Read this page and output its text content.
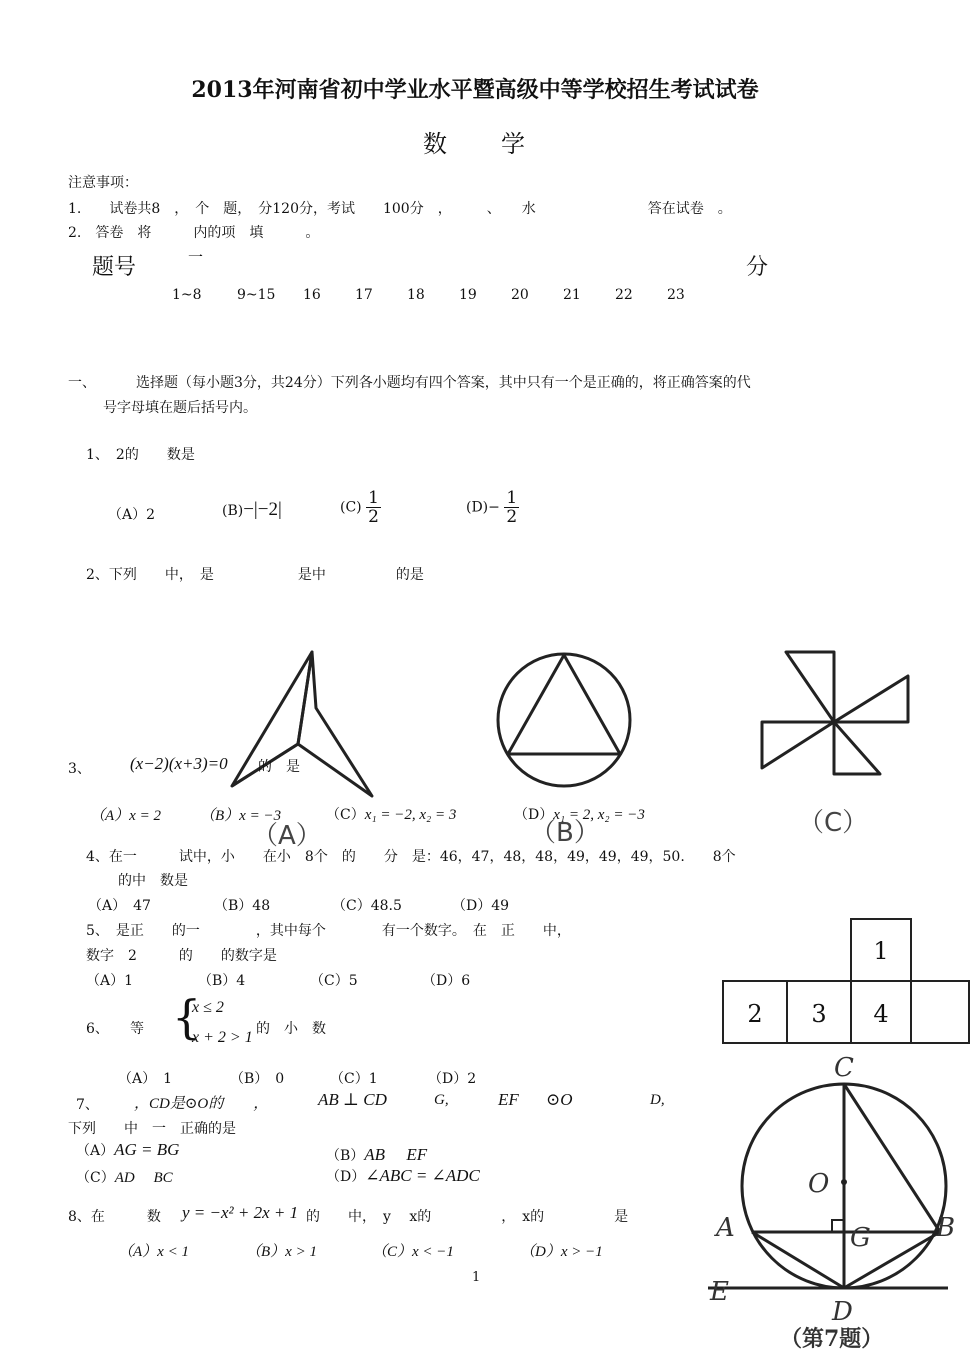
2013年河南省初中学业水平暨高级中等学校招生考试试卷
数　　学
注意事项：
1.　　试卷共8　，　个　题，　分120分，考试　　100分　，　　　、　　水　　　　　　　　答在试卷　。
2.　答卷　将　　　内的项　填　　　。
题号	一	分
1~8	9~15 16 17 18 19 20 21 22 23
一、	选择题（每小题3分，共24分）下列各小题均有四个答案，其中只有一个是正确的，将正确答案的代
号字母填在题后括号内。
1、　2的　　数是
（A）2	(B)−|−2|	$(C) \frac{1}{2}$	$(D)- \frac{1}{2}$
2、下列　　中，　是　　　　　　是中　　　　　的是
（A）	（B）	（C）
3、 (x−2)(x+3)=0 的　是
（A）x = 2	（B）x = −3	（C）x₁ = −2, x₂ = 3	（D）x₁ = 2, x₂ = −3
4、在一　　　试中，小　　在小　8个　的　　分　是：46，47，48，48，49，49，49，50.　　8个
的中　数是
（A）　47	（B）48	（C）48.5	（D）49
5、　是正　　的一　　　　，其中每个　　　　有一个数字。　在　正　　中，
数字　2　　　的　　的数字是
（A）1	（B）4	（C）5	（D）6
1
2	3	4
6、 等 {
x ≤ 2
x + 2 > 1 的　小　数
（A）　1	（B）　0	（C）1	（D）2
7、 ，CD是⊙O的　　，	AB ⊥ CD	G,	EF ⊙O	D,
下列　　中　一　正确的是
（A）AG = BG	（B）AB　 EF
（C）AD　 BC	（D）∠ABC = ∠ADC
C
O
A	G	B
E
D
（第7题）
8、在　　　数 y = −x² + 2x + 1 的　　中，　y　 x的　　　　　，　x的　　　　　是
（A）x < 1	（B）x > 1	（C）x < −1	（D）x > −1
1
